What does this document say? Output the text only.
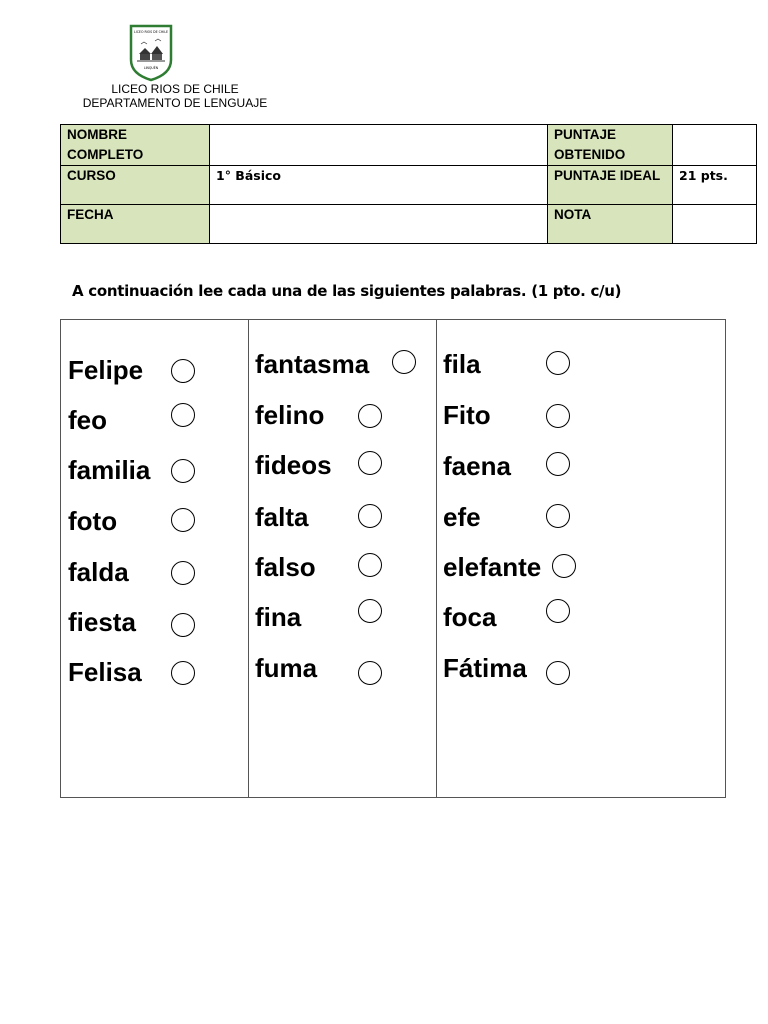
LICEO RIOS DE CHILE
LINQUÉN
LICEO RIOS DE CHILE
DEPARTAMENTO DE LENGUAJE
NOMBRE COMPLETO		PUNTAJE OBTENIDO	
CURSO	1° Básico	PUNTAJE IDEAL	21 pts.
FECHA		NOTA	
A continuación lee cada una de las siguientes palabras. (1 pto. c/u)
Felipe
feo
familia
foto
falda
fiesta
Felisa
fantasma
felino
fideos
falta
falso
fina
fuma
fila
Fito
faena
efe
elefante
foca
Fátima
